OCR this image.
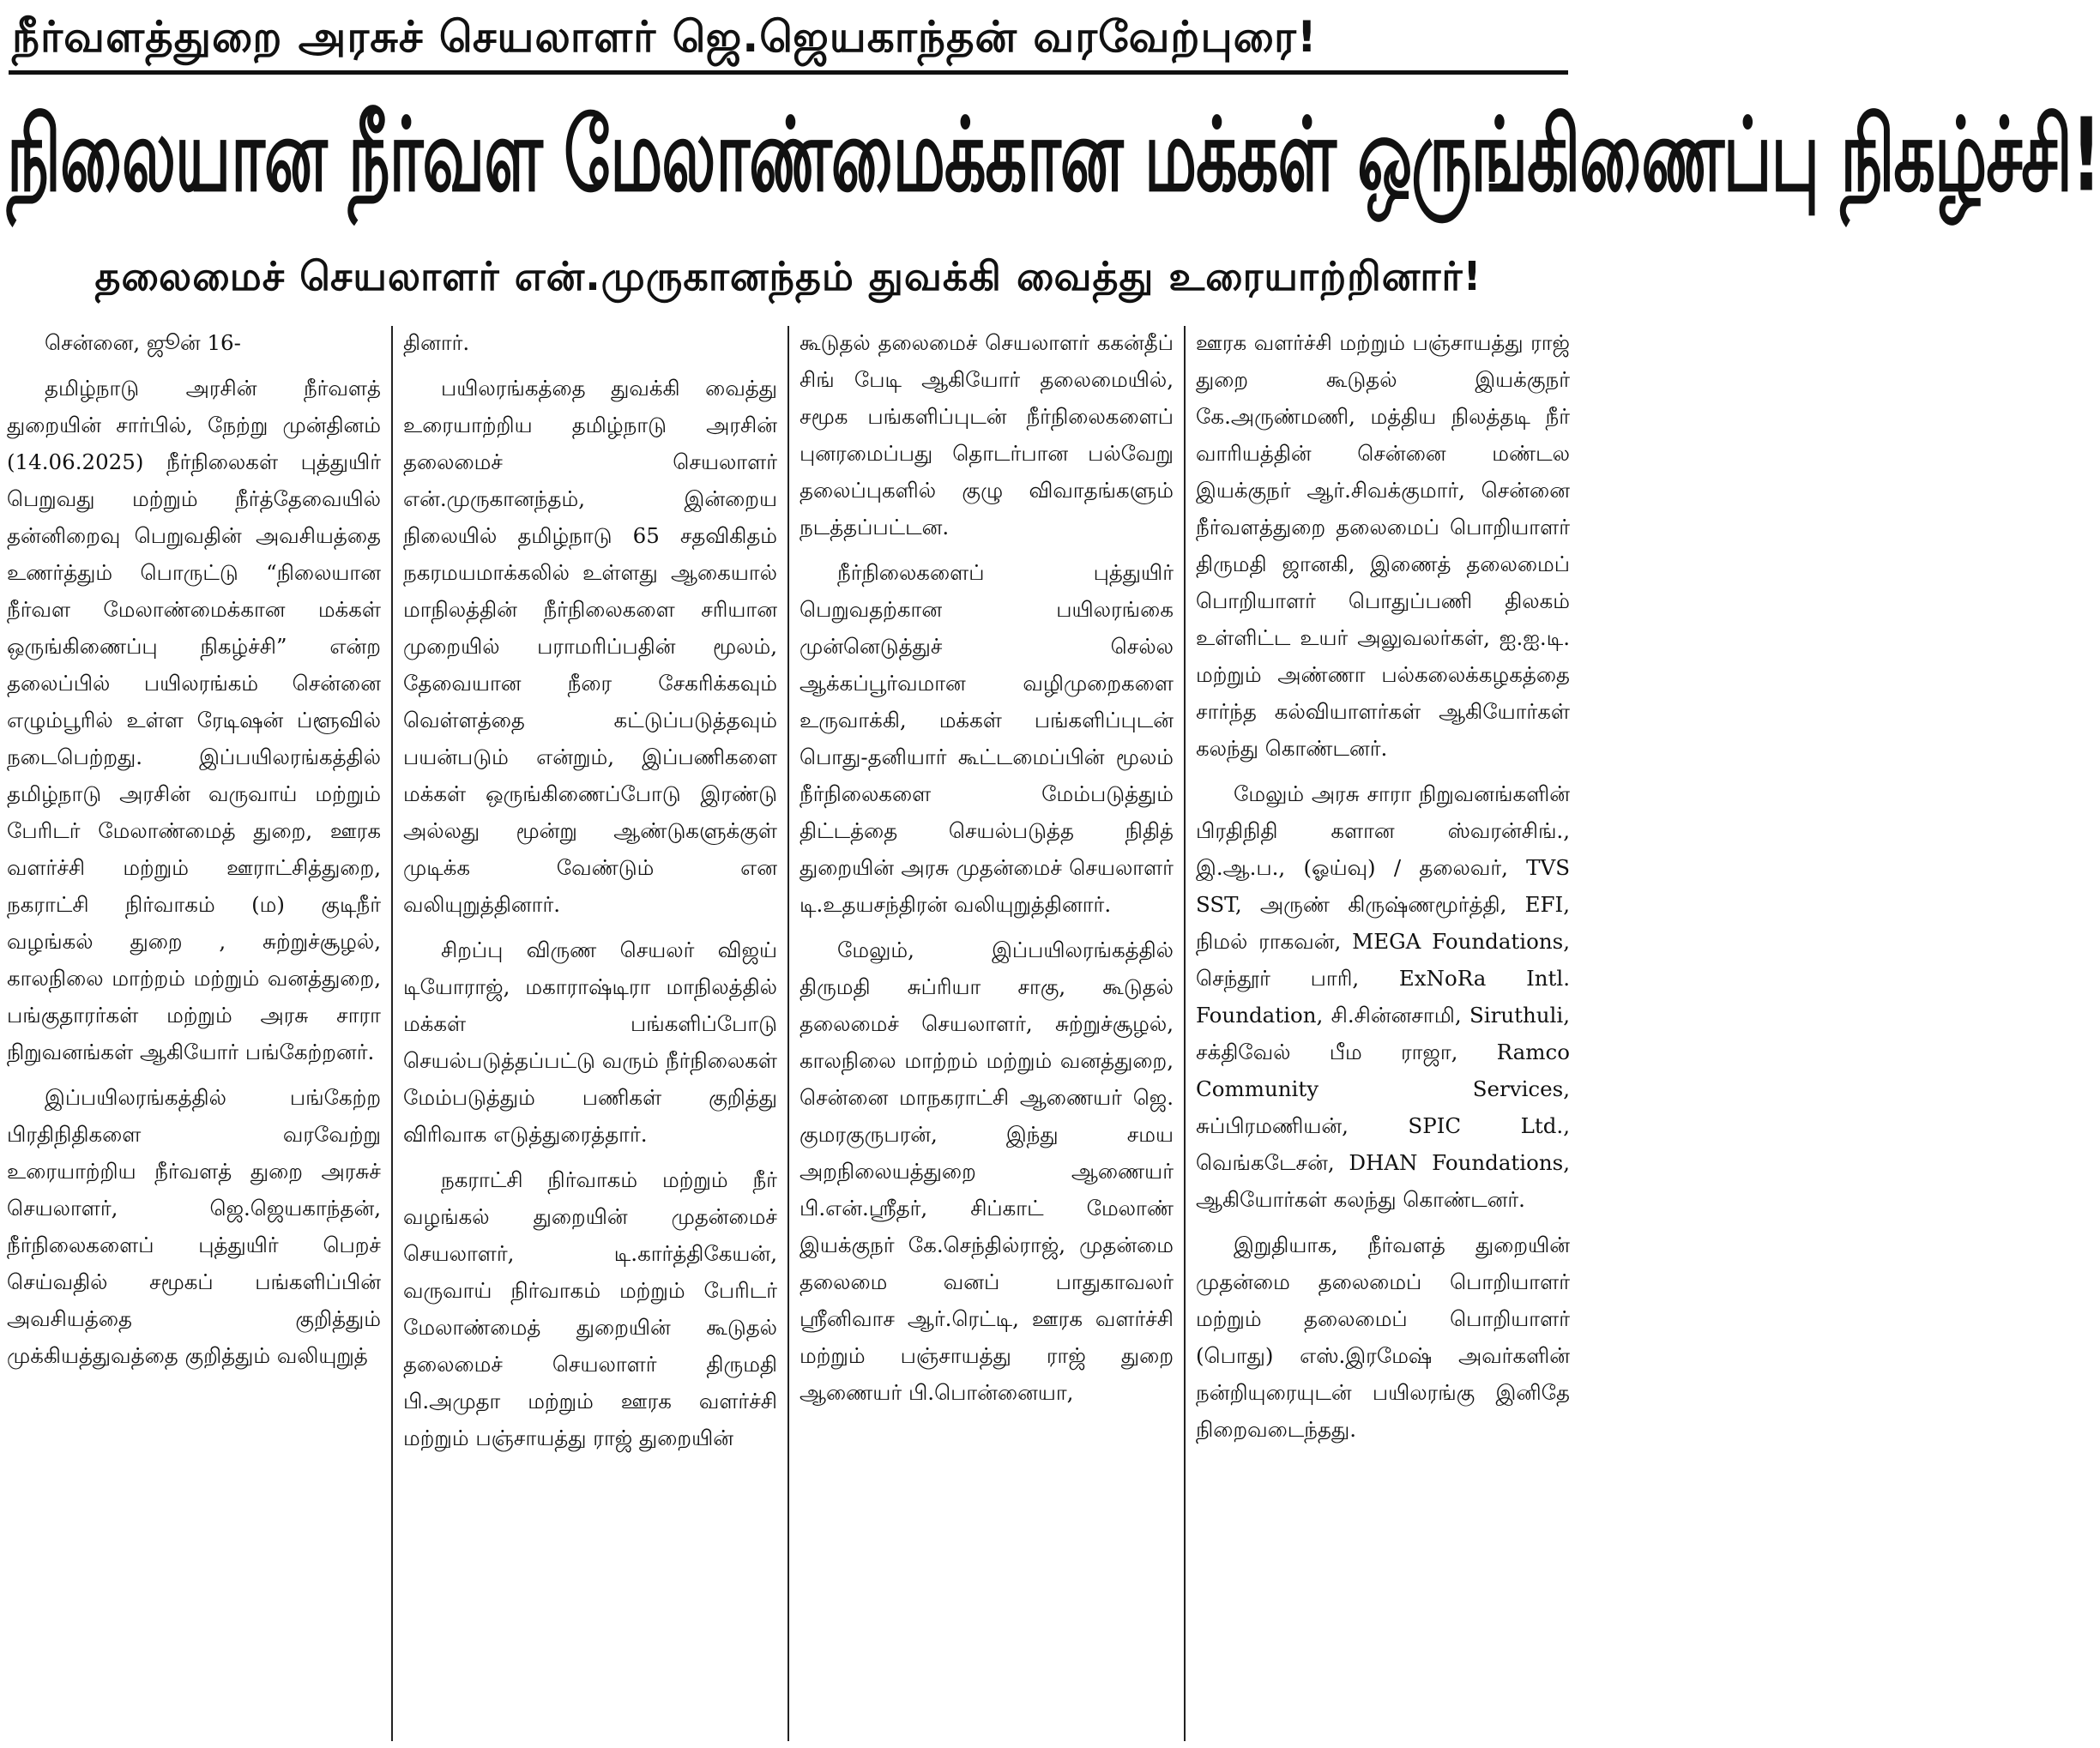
நீர்வளத்துறை அரசுச் செயலாளர் ஜெ.ஜெயகாந்தன் வரவேற்புரை!
நிலையான நீர்வள மேலாண்மைக்கான மக்கள் ஒருங்கிணைப்பு நிகழ்ச்சி!
தலைமைச் செயலாளர் என்.முருகானந்தம் துவக்கி வைத்து உரையாற்றினார்!

சென்னை, ஜூன் 16-

தமிழ்நாடு அரசின் நீர்வளத் துறையின் சார்பில், நேற்று முன்தினம் (14.06.2025) நீர்நிலைகள் புத்துயிர் பெறுவது மற்றும் நீர்த்தேவையில் தன்னிறைவு பெறுவதின் அவசியத்தை உணர்த்தும் பொருட்டு “நிலையான நீர்வள மேலாண்மைக்கான மக்கள் ஒருங்கிணைப்பு நிகழ்ச்சி” என்ற தலைப்பில் பயிலரங்கம் சென்னை எழும்பூரில் உள்ள ரேடிஷன் ப்ளூவில் நடைபெற்றது. இப்பயிலரங்கத்தில் தமிழ்நாடு அரசின் வருவாய் மற்றும் பேரிடர் மேலாண்மைத் துறை, ஊரக வளர்ச்சி மற்றும் ஊராட்சித்துறை, நகராட்சி நிர்வாகம் (ம) குடிநீர் வழங்கல் துறை , சுற்றுச்சூழல், காலநிலை மாற்றம் மற்றும் வனத்துறை, பங்குதாரர்கள் மற்றும் அரசு சாரா நிறுவனங்கள் ஆகியோர் பங்கேற்றனர்.

இப்பயிலரங்கத்தில் பங்கேற்ற பிரதிநிதிகளை வரவேற்று உரையாற்றிய நீர்வளத் துறை அரசுச் செயலாளர், ஜெ.ஜெயகாந்தன், நீர்நிலைகளைப் புத்துயிர் பெறச் செய்வதில் சமூகப் பங்களிப்பின் அவசியத்தை குறித்தும் முக்கியத்துவத்தை குறித்தும் வலியுறுத்

தினார்.

பயிலரங்கத்தை துவக்கி வைத்து உரையாற்றிய தமிழ்நாடு அரசின் தலைமைச் செயலாளர் என்.முருகானந்தம், இன்றைய நிலையில் தமிழ்நாடு 65 சதவிகிதம் நகரமயமாக்கலில் உள்ளது ஆகையால் மாநிலத்தின் நீர்நிலைகளை சரியான முறையில் பராமரிப்பதின் மூலம், தேவையான நீரை சேகரிக்கவும் வெள்ளத்தை கட்டுப்படுத்தவும் பயன்படும் என்றும், இப்பணிகளை மக்கள் ஒருங்கிணைப்போடு இரண்டு அல்லது மூன்று ஆண்டுகளுக்குள் முடிக்க வேண்டும் என வலியுறுத்தினார்.

சிறப்பு விருண செயலர் விஜய் டியோராஜ், மகாராஷ்டிரா மாநிலத்தில் மக்கள் பங்களிப்போடு செயல்படுத்தப்பட்டு வரும் நீர்நிலைகள் மேம்படுத்தும் பணிகள் குறித்து விரிவாக எடுத்துரைத்தார்.

நகராட்சி நிர்வாகம் மற்றும் நீர் வழங்கல் துறையின் முதன்மைச் செயலாளர், டி.கார்த்திகேயன், வருவாய் நிர்வாகம் மற்றும் பேரிடர் மேலாண்மைத் துறையின் கூடுதல் தலைமைச் செயலாளர் திருமதி பி.அமுதா மற்றும் ஊரக வளர்ச்சி மற்றும் பஞ்சாயத்து ராஜ் துறையின்

கூடுதல் தலைமைச் செயலாளர் ககன்தீப் சிங் பேடி ஆகியோர் தலைமையில், சமூக பங்களிப்புடன் நீர்நிலைகளைப் புனரமைப்பது தொடர்பான பல்வேறு தலைப்புகளில் குழு விவாதங்களும் நடத்தப்பட்டன.

நீர்நிலைகளைப் புத்துயிர் பெறுவதற்கான பயிலரங்கை முன்னெடுத்துச் செல்ல ஆக்கப்பூர்வமான வழிமுறைகளை உருவாக்கி, மக்கள் பங்களிப்புடன் பொது-தனியார் கூட்டமைப்பின் மூலம் நீர்நிலைகளை மேம்படுத்தும் திட்டத்தை செயல்படுத்த நிதித் துறையின் அரசு முதன்மைச் செயலாளர் டி.உதயசந்திரன் வலியுறுத்தினார்.

மேலும், இப்பயிலரங்கத்தில் திருமதி சுப்ரியா சாகு, கூடுதல் தலைமைச் செயலாளர், சுற்றுச்சூழல், காலநிலை மாற்றம் மற்றும் வனத்துறை, சென்னை மாநகராட்சி ஆணையர் ஜெ. குமரகுருபரன், இந்து சமய அறநிலையத்துறை ஆணையர் பி.என்.ஸ்ரீதர், சிப்காட் மேலாண் இயக்குநர் கே.செந்தில்ராஜ், முதன்மை தலைமை வனப் பாதுகாவலர் ஸ்ரீனிவாச ஆர்.ரெட்டி, ஊரக வளர்ச்சி மற்றும் பஞ்சாயத்து ராஜ் துறை ஆணையர் பி.பொன்னையா,

ஊரக வளர்ச்சி மற்றும் பஞ்சாயத்து ராஜ் துறை கூடுதல் இயக்குநர் கே.அருண்மணி, மத்திய நிலத்தடி நீர் வாரியத்தின் சென்னை மண்டல இயக்குநர் ஆர்.சிவக்குமார், சென்னை நீர்வளத்துறை தலைமைப் பொறியாளர் திருமதி ஜானகி, இணைத் தலைமைப் பொறியாளர் பொதுப்பணி திலகம் உள்ளிட்ட உயர் அலுவலர்கள், ஐ.ஐ.டி. மற்றும் அண்ணா பல்கலைக்கழகத்தை சார்ந்த கல்வியாளர்கள் ஆகியோர்கள் கலந்து கொண்டனர்.

மேலும் அரசு சாரா நிறுவனங்களின் பிரதிநிதி களான ஸ்வரன்சிங்., இ.ஆ.ப., (ஓய்வு) / தலைவர், TVS SST, அருண் கிருஷ்ணமூர்த்தி, EFI, நிமல் ராகவன், MEGA Foundations, செந்தூர் பாரி, ExNoRa Intl. Foundation, சி.சின்னசாமி, Siruthuli, சக்திவேல் பீம ராஜா, Ramco Community Services, சுப்பிரமணியன், SPIC Ltd., வெங்கடேசன், DHAN Foundations, ஆகியோர்கள் கலந்து கொண்டனர்.

இறுதியாக, நீர்வளத் துறையின் முதன்மை தலைமைப் பொறியாளர் மற்றும் தலைமைப் பொறியாளர் (பொது) எஸ்.இரமேஷ் அவர்களின் நன்றியுரையுடன் பயிலரங்கு இனிதே நிறைவடைந்தது.
